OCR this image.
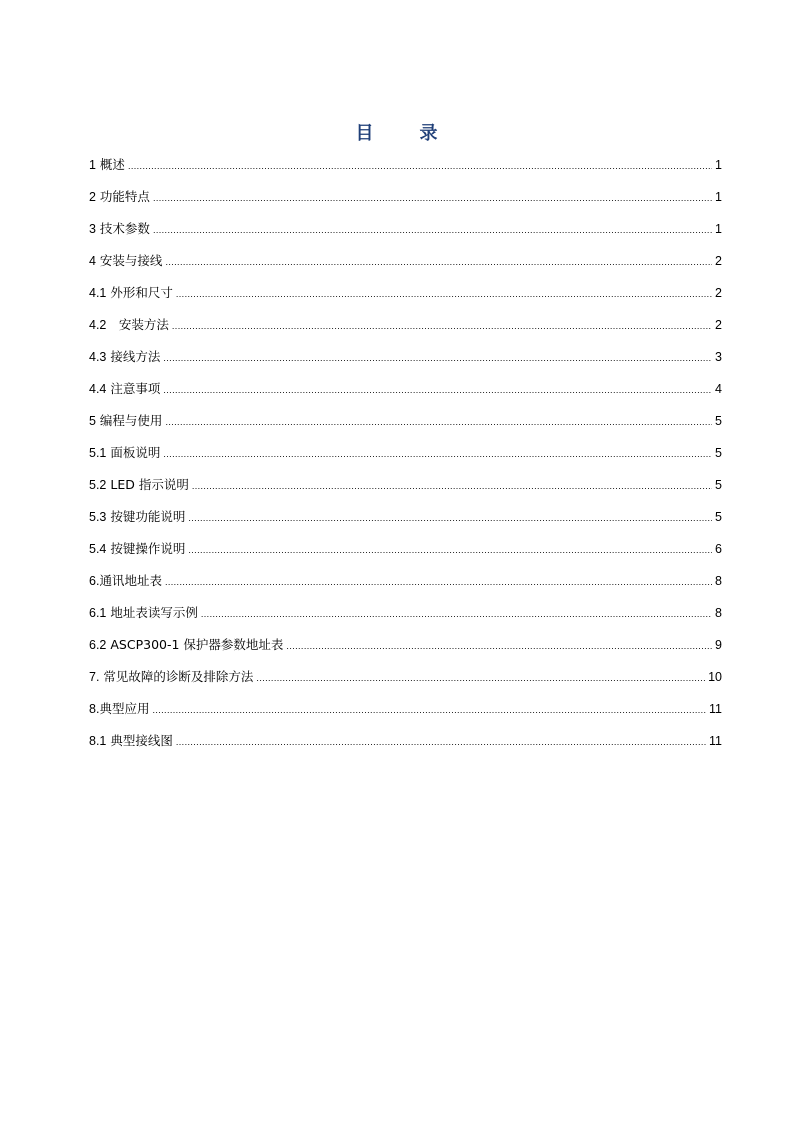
目	录
1 概述 .....	1
2 功能特点 .....	1
3 技术参数 .....	1
4 安装与接线 .....	2
4.1 外形和尺寸 .....	2
4.2　安装方法 .....	2
4.3 接线方法 .....	3
4.4 注意事项 .....	4
5 编程与使用 .....	5
5.1 面板说明 .....	5
5.2 LED 指示说明 .....	5
5.3 按键功能说明 .....	5
5.4 按键操作说明 .....	6
6.通讯地址表 .....	8
6.1 地址表读写示例 .....	8
6.2 ASCP300-1 保护器参数地址表 .....	9
7. 常见故障的诊断及排除方法 .....	10
8.典型应用 .....	11
8.1 典型接线图 .....	11
